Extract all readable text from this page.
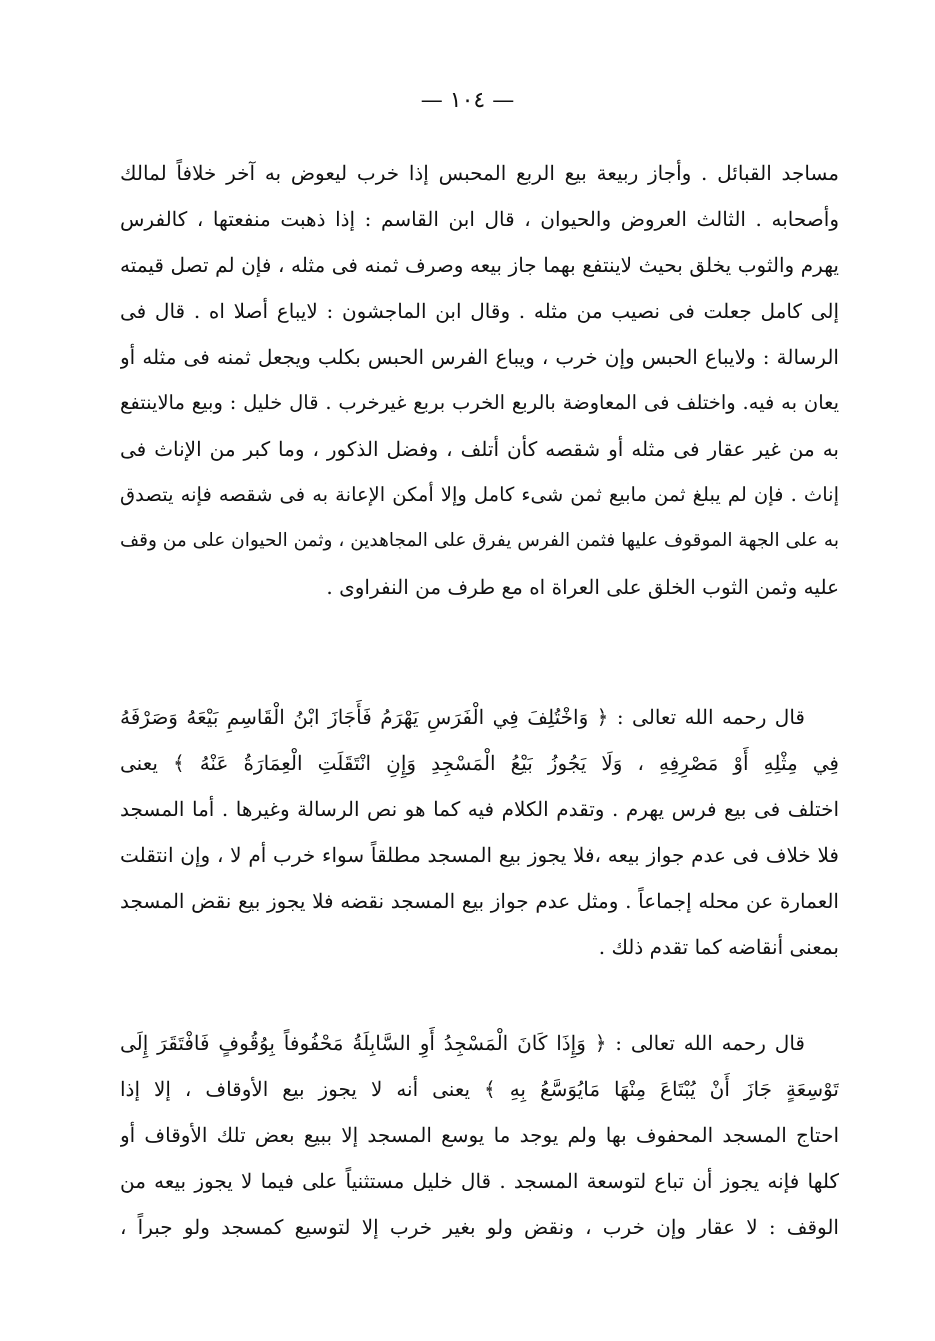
— ١٠٤ —
مساجد القبائل . وأجاز ربيعة بيع الربع المحبس إذا خرب ليعوض به آخر خلافاً لمالك
وأصحابه . الثالث العروض والحيوان ، قال ابن القاسم : إذا ذهبت منفعتها ، كالفرس
يهرم والثوب يخلق بحيث لاينتفع بهما جاز بيعه وصرف ثمنه فى مثله ، فإن لم تصل قيمته
إلى كامل جعلت فى نصيب من مثله . وقال ابن الماجشون : لايباع أصلا اه . قال فى
الرسالة : ولايباع الحبس وإن خرب ، ويباع الفرس الحبس بكلب ويجعل ثمنه فى مثله أو
يعان به فيه. واختلف فى المعاوضة بالربع الخرب بربع غيرخرب . قال خليل : وبيع مالاينتفع
به من غير عقار فى مثله أو شقصه كأن أتلف ، وفضل الذكور ، وما كبر من الإناث فى
إناث . فإن لم يبلغ ثمن مابيع ثمن شىء كامل وإلا أمكن الإعانة به فى شقصه فإنه يتصدق
به على الجهة الموقوف عليها فثمن الفرس يفرق على المجاهدين ، وثمن الحيوان على من وقف
عليه وثمن الثوب الخلق على العراة اه مع طرف من النفراوى .
قال رحمه الله تعالى : ﴿ وَاخْتُلِفَ فِي الْفَرَسِ يَهْرَمُ فَأَجَازَ ابْنُ الْقَاسِمِ بَيْعَهُ وَصَرْفَهُ
فِي مِثْلِهِ أَوْ مَصْرِفِهِ ، وَلَا يَجُوزُ بَيْعُ الْمَسْجِدِ وَإِنِ انْتَقَلَتِ الْعِمَارَةُ عَنْهُ ﴾ يعنى
اختلف فى بيع فرس يهرم . وتقدم الكلام فيه كما هو نص الرسالة وغيرها . أما المسجد
فلا خلاف فى عدم جواز بيعه ،فلا يجوز بيع المسجد مطلقاً سواء خرب أم لا ، وإن انتقلت
العمارة عن محله إجماعاً . ومثل عدم جواز بيع المسجد نقضه فلا يجوز بيع نقض المسجد
بمعنى أنقاضه كما تقدم ذلك .
قال رحمه الله تعالى : ﴿ وَإِذَا كَانَ الْمَسْجِدُ أَوِ السَّابِلَةُ مَحْفُوفاً بِوُقُوفٍ فَافْتَقَرَ إِلَى
تَوْسِعَةٍ جَازَ أَنْ يُبْتَاعَ مِنْهَا مَايُوَسَّعُ بِهِ ﴾ يعنى أنه لا يجوز بيع الأوقاف ، إلا إذا
احتاج المسجد المحفوف بها ولم يوجد ما يوسع المسجد إلا ببيع بعض تلك الأوقاف أو
كلها فإنه يجوز أن تباع لتوسعة المسجد . قال خليل مستثنياً على فيما لا يجوز بيعه من
الوقف : لا عقار وإن خرب ، ونقض ولو بغير خرب إلا لتوسيع كمسجد ولو جبراً ،
